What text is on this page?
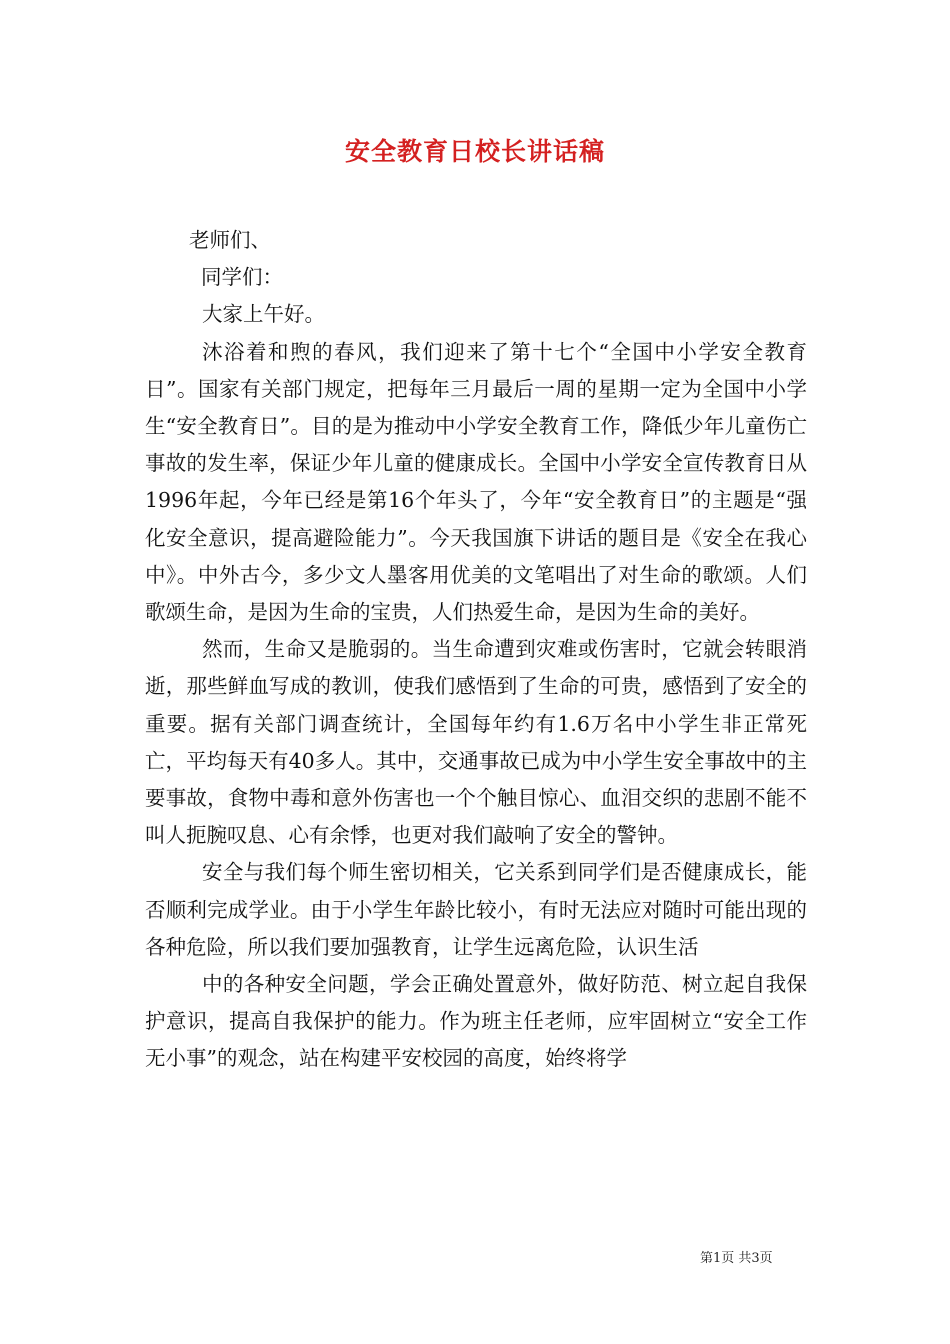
安全教育日校长讲话稿

老师们、

同学们：

大家上午好。

沐浴着和煦的春风，我们迎来了第十七个“全国中小学安全教育日”。国家有关部门规定，把每年三月最后一周的星期一定为全国中小学生“安全教育日”。目的是为推动中小学安全教育工作，降低少年儿童伤亡事故的发生率，保证少年儿童的健康成长。全国中小学安全宣传教育日从1996年起，今年已经是第16个年头了，今年“安全教育日”的主题是“强化安全意识，提高避险能力”。今天我国旗下讲话的题目是《安全在我心中》。中外古今，多少文人墨客用优美的文笔唱出了对生命的歌颂。人们歌颂生命，是因为生命的宝贵，人们热爱生命，是因为生命的美好。

然而，生命又是脆弱的。当生命遭到灾难或伤害时，它就会转眼消逝，那些鲜血写成的教训，使我们感悟到了生命的可贵，感悟到了安全的重要。据有关部门调查统计，全国每年约有1.6万名中小学生非正常死亡，平均每天有40多人。其中，交通事故已成为中小学生安全事故中的主要事故，食物中毒和意外伤害也一个个触目惊心、血泪交织的悲剧不能不叫人扼腕叹息、心有余悸，也更对我们敲响了安全的警钟。

安全与我们每个师生密切相关，它关系到同学们是否健康成长，能否顺利完成学业。由于小学生年龄比较小，有时无法应对随时可能出现的各种危险，所以我们要加强教育，让学生远离危险，认识生活

中的各种安全问题，学会正确处置意外，做好防范、树立起自我保护意识，提高自我保护的能力。作为班主任老师，应牢固树立“安全工作无小事”的观念，站在构建平安校园的高度，始终将学

第1页 共3页
